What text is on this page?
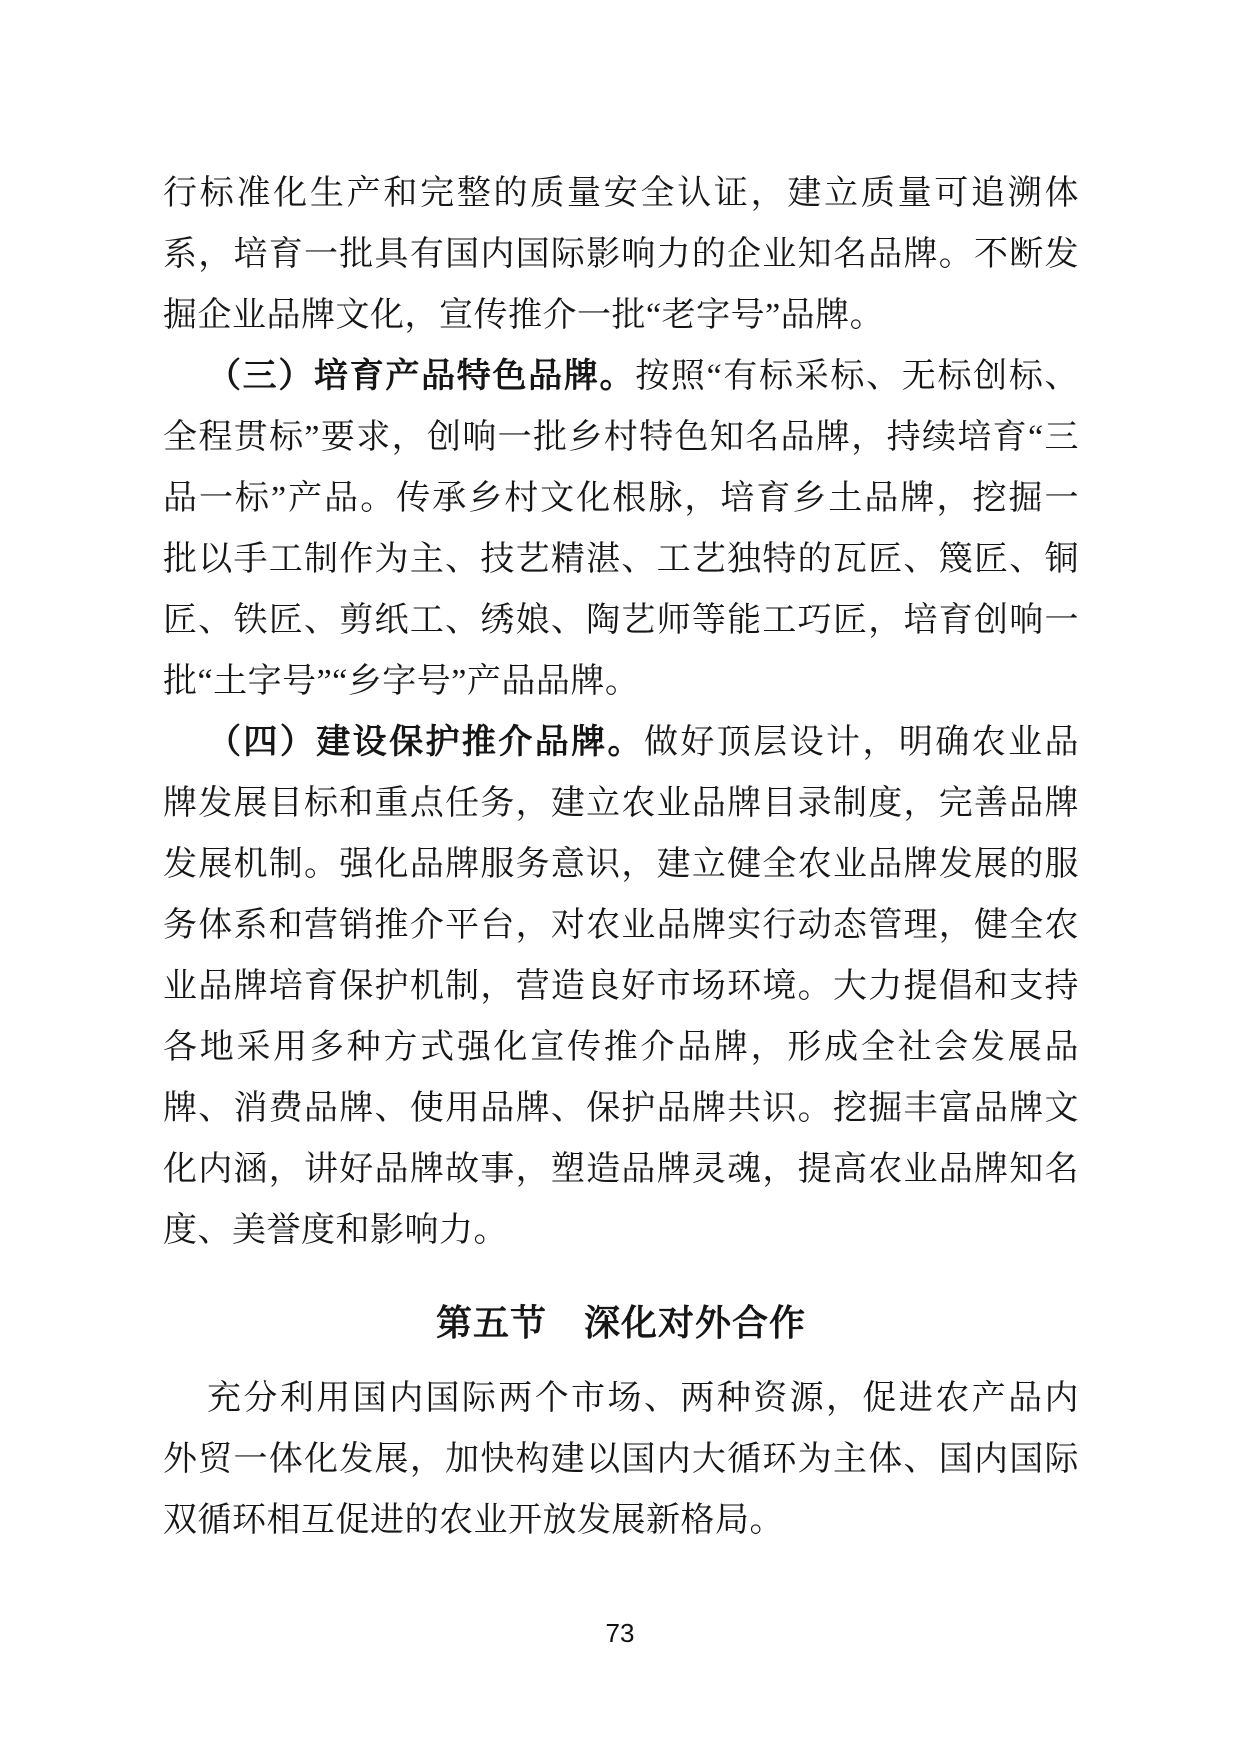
行标准化生产和完整的质量安全认证，建立质量可追溯体
系，培育一批具有国内国际影响力的企业知名品牌。不断发
掘企业品牌文化，宣传推介一批“老字号”品牌。
（三）培育产品特色品牌。按照“有标采标、无标创标、
全程贯标”要求，创响一批乡村特色知名品牌，持续培育“三
品一标”产品。传承乡村文化根脉，培育乡土品牌，挖掘一
批以手工制作为主、技艺精湛、工艺独特的瓦匠、篾匠、铜
匠、铁匠、剪纸工、绣娘、陶艺师等能工巧匠，培育创响一
批“土字号”“乡字号”产品品牌。
（四）建设保护推介品牌。做好顶层设计，明确农业品
牌发展目标和重点任务，建立农业品牌目录制度，完善品牌
发展机制。强化品牌服务意识，建立健全农业品牌发展的服
务体系和营销推介平台，对农业品牌实行动态管理，健全农
业品牌培育保护机制，营造良好市场环境。大力提倡和支持
各地采用多种方式强化宣传推介品牌，形成全社会发展品
牌、消费品牌、使用品牌、保护品牌共识。挖掘丰富品牌文
化内涵，讲好品牌故事，塑造品牌灵魂，提高农业品牌知名
度、美誉度和影响力。
第五节　深化对外合作
充分利用国内国际两个市场、两种资源，促进农产品内
外贸一体化发展，加快构建以国内大循环为主体、国内国际
双循环相互促进的农业开放发展新格局。
73
